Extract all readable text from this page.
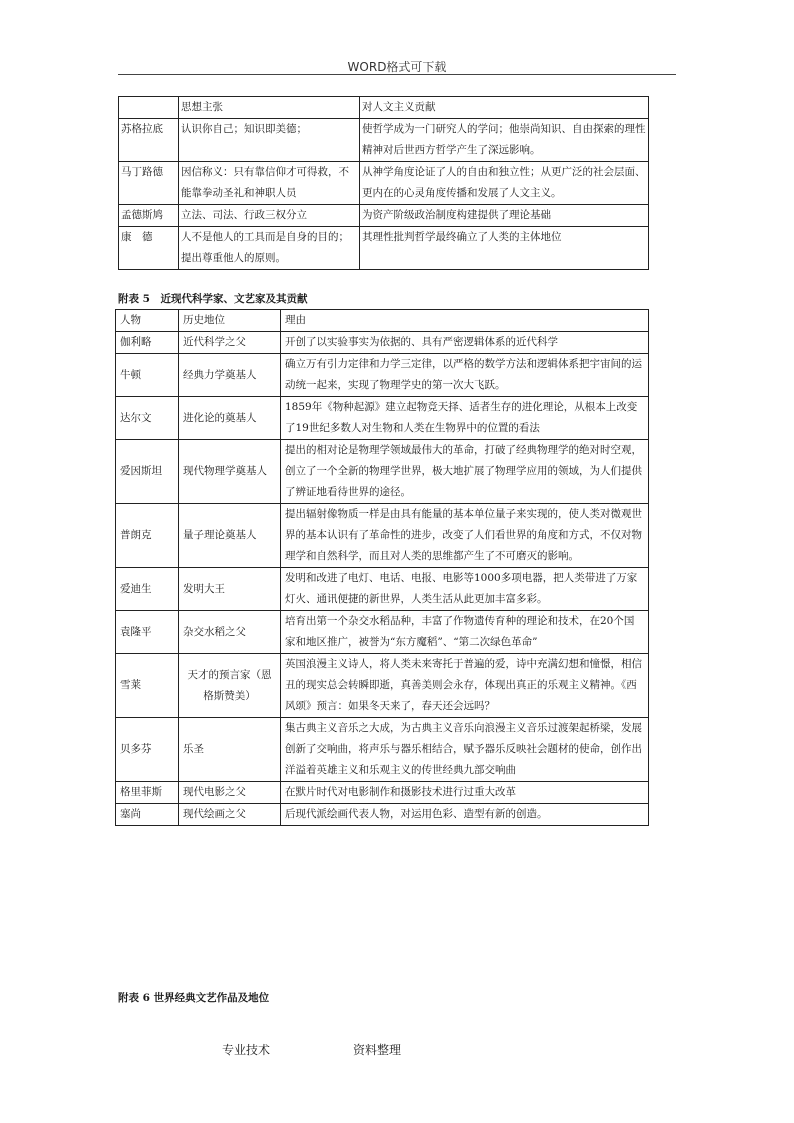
WORD格式可下载
	思想主张	对人文主义贡献
苏格拉底	认识你自己；知识即美德；	使哲学成为一门研究人的学问；他崇尚知识、自由探索的理性精神对后世西方哲学产生了深远影响。
马丁路德	因信称义：只有靠信仰才可得救，不能靠拳动圣礼和神职人员	从神学角度论证了人的自由和独立性；从更广泛的社会层面、更内在的心灵角度传播和发展了人文主义。
孟德斯鸠	立法、司法、行政三权分立	为资产阶级政治制度构建提供了理论基础
康　德	人不是他人的工具而是自身的目的；提出尊重他人的原则。	其理性批判哲学最终确立了人类的主体地位
附表 5　近现代科学家、文艺家及其贡献
人物	历史地位	理由
伽利略	近代科学之父	开创了以实验事实为依据的、具有严密逻辑体系的近代科学
牛顿	经典力学奠基人	确立万有引力定律和力学三定律，以严格的数学方法和逻辑体系把宇宙间的运动统一起来，实现了物理学史的第一次大飞跃。
达尔文	进化论的奠基人	1859年《物种起源》建立起物竞天择、适者生存的进化理论，从根本上改变了19世纪多数人对生物和人类在生物界中的位置的看法
爱因斯坦	现代物理学奠基人	提出的相对论是物理学领域最伟大的革命，打破了经典物理学的绝对时空观，创立了一个全新的物理学世界，极大地扩展了物理学应用的领域，为人们提供了辨证地看待世界的途径。
普朗克	量子理论奠基人	提出辐射像物质一样是由具有能量的基本单位量子来实现的，使人类对微观世界的基本认识有了革命性的进步，改变了人们看世界的角度和方式，不仅对物理学和自然科学，而且对人类的思维都产生了不可磨灭的影响。
爱迪生	发明大王	发明和改进了电灯、电话、电报、电影等1000多项电器，把人类带进了万家灯火、通讯便捷的新世界，人类生活从此更加丰富多彩。
袁隆平	杂交水稻之父	培育出第一个杂交水稻品种，丰富了作物遗传育种的理论和技术，在20个国家和地区推广，被誉为“东方魔稻”、“第二次绿色革命”
雪莱	天才的预言家（恩格斯赞美）	英国浪漫主义诗人，将人类未来寄托于普遍的爱，诗中充满幻想和憧憬，相信丑的现实总会转瞬即逝，真善美则会永存，体现出真正的乐观主义精神。《西风颂》预言：如果冬天来了，春天还会远吗？
贝多芬	乐圣	集古典主义音乐之大成，为古典主义音乐向浪漫主义音乐过渡架起桥梁，发展创新了交响曲，将声乐与器乐相结合，赋予器乐反映社会题材的使命，创作出洋溢着英雄主义和乐观主义的传世经典九部交响曲
格里菲斯	现代电影之父	在默片时代对电影制作和摄影技术进行过重大改革
塞尚	现代绘画之父	后现代派绘画代表人物，对运用色彩、造型有新的创造。
附表 6 世界经典文艺作品及地位
专业技术	资料整理
